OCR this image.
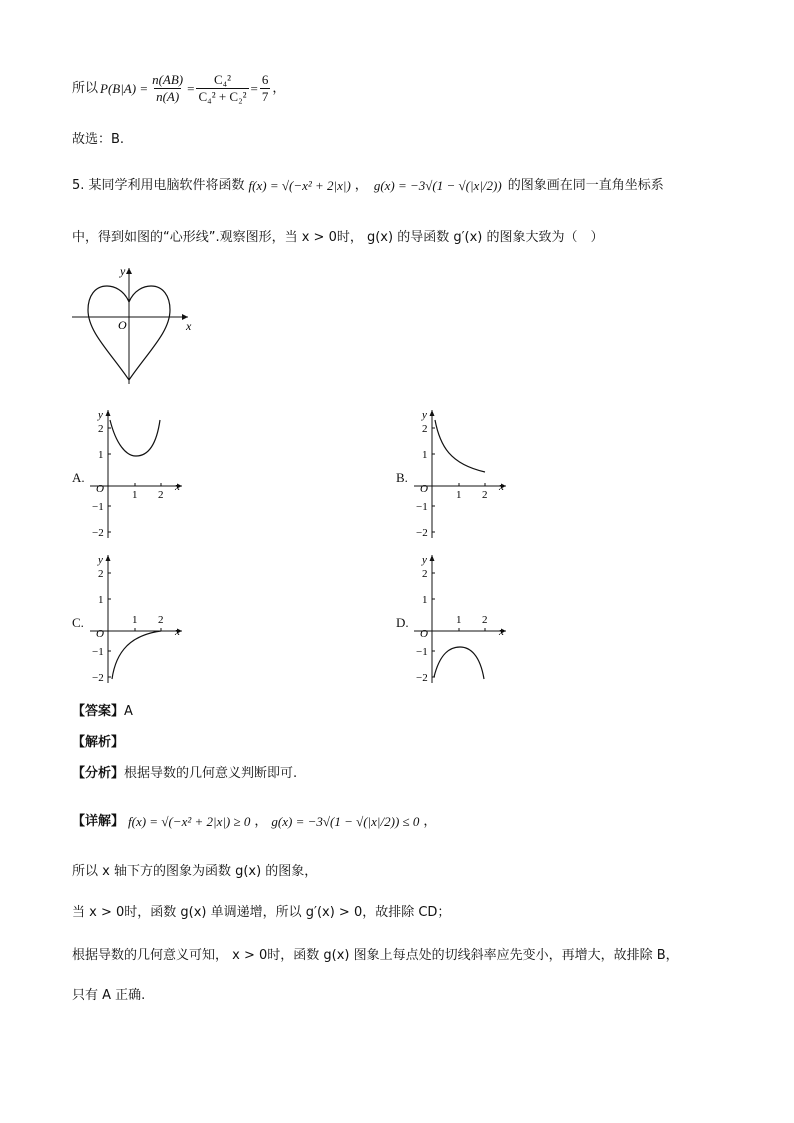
所以 $P(B|A) = \frac{n(AB)}{n(A)} = \frac{\text{C₄²}}{\text{C₄² + C₂²}} = \frac{6}{7}$ ，
故选：B.
5. 某同学利用电脑软件将函数 f(x) = √(−x² + 2|x|) ， g(x) = −3√(1 − √(|x|/2)) 的图象画在同一直角坐标系
中，得到如图的“心形线”.观察图形，当 x > 0时， g(x) 的导函数 g′(x) 的图象大致为（　）
y
x
O
A.
y
x
O
2
1
−1
−2
1 2
B.
y
x
O
2
1
−1
−2
1 2
C.
y
x
O
2
1
−1
−2
1 2	D.
y
x
O
2
1
−1
−2
1 2
【答案】 A
【解析】
【分析】 根据导数的几何意义判断即可.
【详解】 f(x) = √(−x² + 2|x|) ≥ 0 ， g(x) = −3√(1 − √(|x|/2)) ≤ 0 ，
所以 x 轴下方的图象为函数 g(x) 的图象，
当 x > 0时，函数 g(x) 单调递增，所以 g′(x) > 0，故排除 CD；
根据导数的几何意义可知， x > 0时，函数 g(x) 图象上每点处的切线斜率应先变小，再增大，故排除 B，
只有 A 正确.
